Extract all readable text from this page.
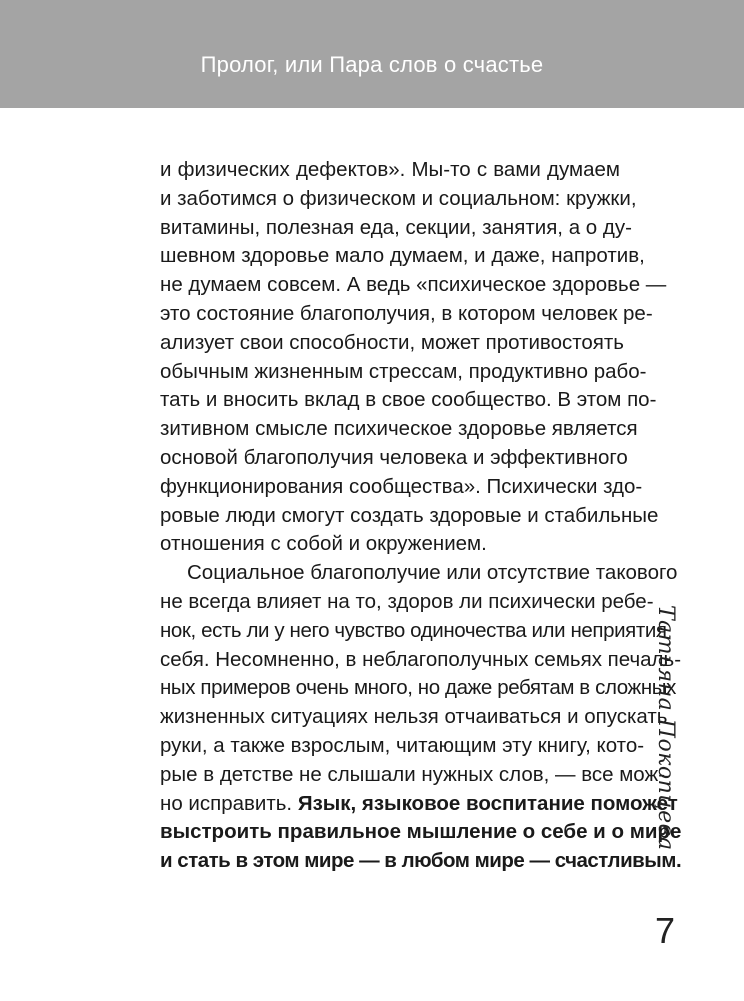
Пролог, или Пара слов о счастье
и физических дефектов». Мы-то с вами думаем
и заботимся о физическом и социальном: кружки,
витамины, полезная еда, секции, занятия, а о ду-
шевном здоровье мало думаем, и даже, напротив,
не думаем совсем. А ведь «психическое здоровье —
это состояние благополучия, в котором человек ре-
ализует свои способности, может противостоять
обычным жизненным стрессам, продуктивно рабо-
тать и вносить вклад в свое сообщество. В этом по-
зитивном смысле психическое здоровье является
основой благополучия человека и эффективного
функционирования сообщества». Психически здо-
ровые люди смогут создать здоровые и стабильные
отношения с собой и окружением.
Социальное благополучие или отсутствие такового
не всегда влияет на то, здоров ли психически ребе-
нок, есть ли у него чувство одиночества или неприятия
себя. Несомненно, в неблагополучных семьях печаль-
ных примеров очень много, но даже ребятам в сложных
жизненных ситуациях нельзя отчаиваться и опускать
руки, а также взрослым, читающим эту книгу, кото-
рые в детстве не слышали нужных слов, — все мож-
но исправить. Язык, языковое воспитание поможет
выстроить правильное мышление о себе и о мире
и стать в этом мире — в любом мире — счастливым.
Татьяна Покопцева
7
